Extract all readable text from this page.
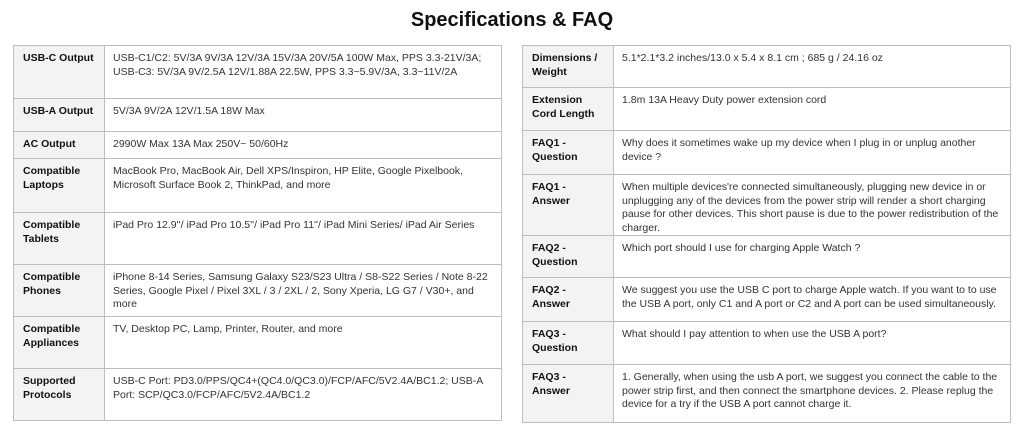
Specifications & FAQ
USB-C Output	USB-C1/C2: 5V/3A 9V/3A 12V/3A 15V/3A 20V/5A 100W Max, PPS 3.3-21V/3A; USB-C3: 5V/3A 9V/2.5A 12V/1.88A 22.5W, PPS 3.3~5.9V/3A, 3.3~11V/2A
USB-A Output	5V/3A 9V/2A 12V/1.5A 18W Max
AC Output	2990W Max 13A Max 250V~ 50/60Hz
Compatible Laptops	MacBook Pro, MacBook Air, Dell XPS/Inspiron, HP Elite, Google Pixelbook, Microsoft Surface Book 2, ThinkPad, and more
Compatible Tablets	iPad Pro 12.9''/ iPad Pro 10.5''/ iPad Pro 11''/ iPad Mini Series/ iPad Air Series
Compatible Phones	iPhone 8-14 Series, Samsung Galaxy S23/S23 Ultra / S8-S22 Series / Note 8-22 Series, Google Pixel / Pixel 3XL / 3 / 2XL / 2, Sony Xperia, LG G7 / V30+, and more
Compatible Appliances	TV, Desktop PC, Lamp, Printer, Router, and more
Supported Protocols	USB-C Port: PD3.0/PPS/QC4+(QC4.0/QC3.0)/FCP/AFC/5V2.4A/BC1.2; USB-A Port: SCP/QC3.0/FCP/AFC/5V2.4A/BC1.2
Dimensions / Weight	5.1*2.1*3.2 inches/13.0 x 5.4 x 8.1 cm ; 685 g / 24.16 oz
Extension Cord Length	1.8m 13A Heavy Duty power extension cord
FAQ1 - Question	Why does it sometimes wake up my device when I plug in or unplug another device ?
FAQ1 - Answer	When multiple devices're connected simultaneously, plugging new device in or unplugging any of the devices from the power strip will render a short charging pause for other devices. This short pause is due to the power redistribution of the charger.
FAQ2 - Question	Which port should I use for charging Apple Watch ?
FAQ2 - Answer	We suggest you use the USB C port to charge Apple watch. If you want to to use the USB A port, only C1 and A port or C2 and A port can be used simultaneously.
FAQ3 - Question	What should I pay attention to when use the USB A port?
FAQ3 - Answer	1. Generally, when using the usb A port, we suggest you connect the cable to the power strip first, and then connect the smartphone devices. 2. Please replug the device for a try if the USB A port cannot charge it.
